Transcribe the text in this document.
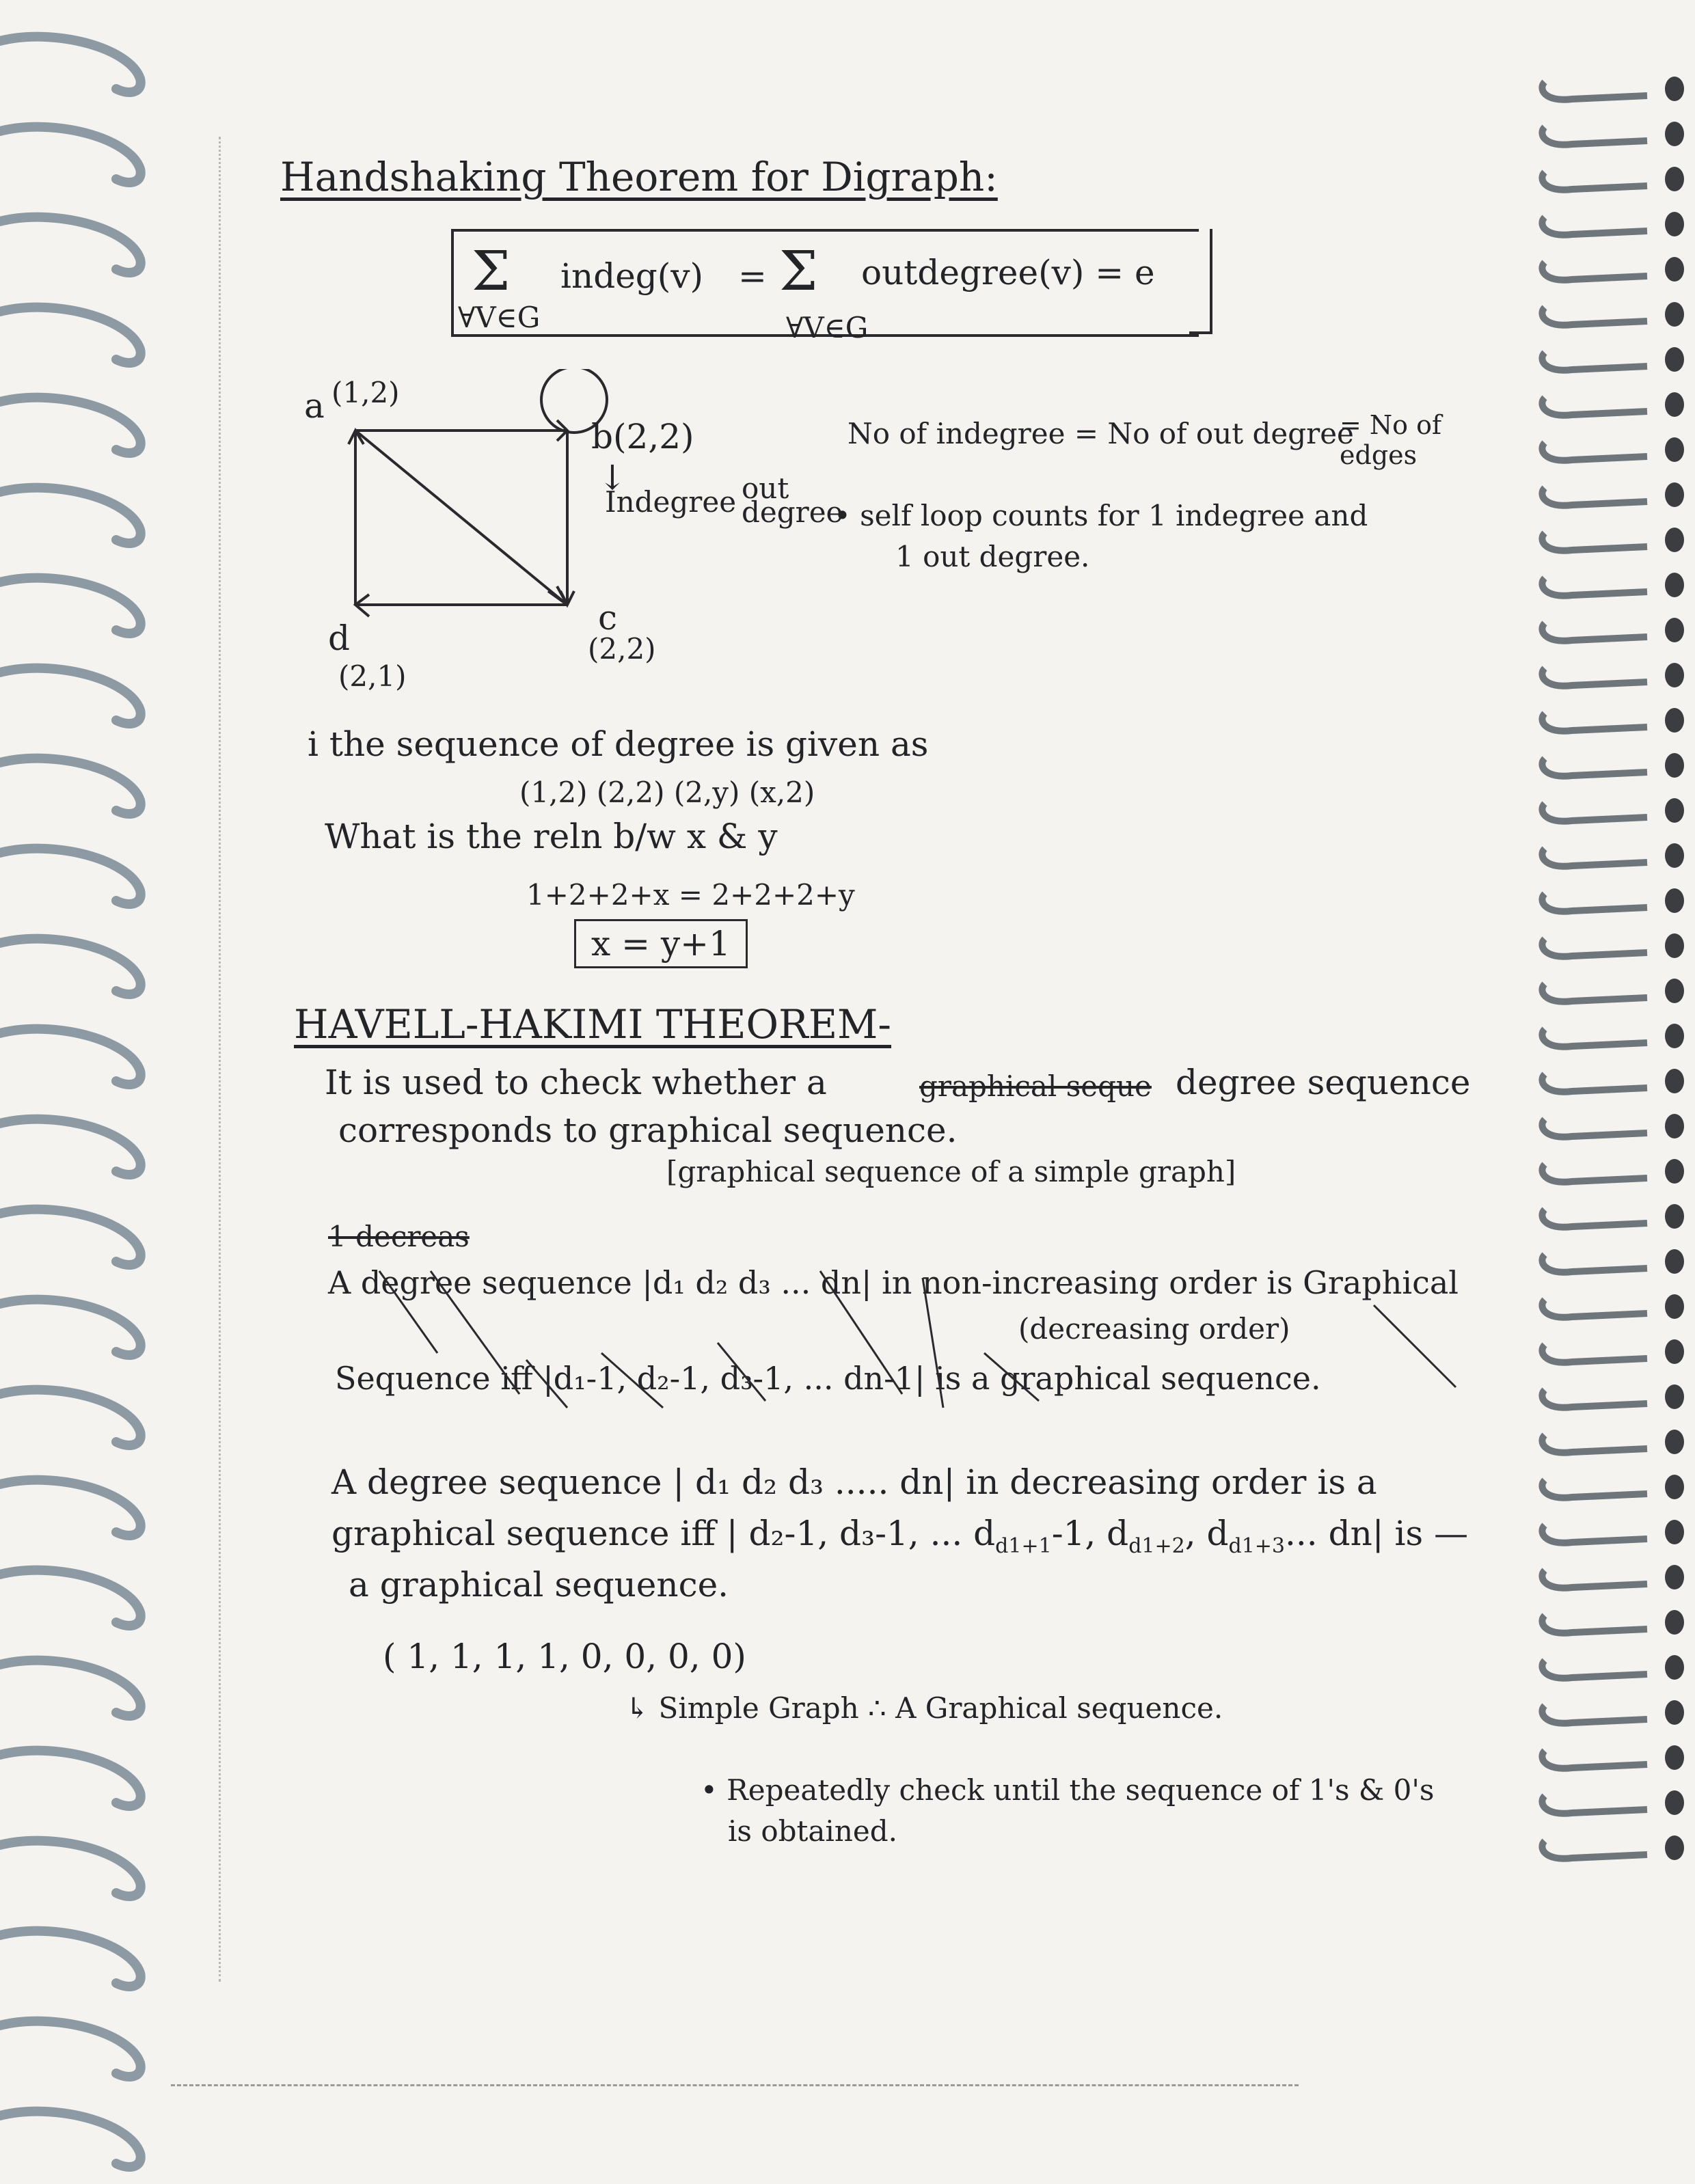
Handshaking Theorem for Digraph:
Σ indeg(v) = Σ outdegree(v) = e
∀V∈G	∀V∈G
a (1,2)
b(2,2)
↓
Indegree out
degree
c
(2,2)
d
(2,1)
No of indegree = No of out degree
= No of edges
• self loop counts for 1 indegree and
1 out degree.
i the sequence of degree is given as
(1,2) (2,2) (2,y) (x,2)
What is the reln b/w x & y
1+2+2+x = 2+2+2+y
x = y+1
HAVELL-HAKIMI THEOREM-
It is used to check whether a	graphical seque degree sequence
corresponds to graphical sequence.
[graphical sequence of a simple graph]
1 decreas
A degree sequence |d₁ d₂ d₃ ... dn| in non-increasing order is Graphical
(decreasing order)
Sequence iff |d₁-1, d₂-1, d₃-1, ... dn-1| is a graphical sequence.
A degree sequence | d₁ d₂ d₃ ..... dn| in decreasing order is a
graphical sequence iff | d₂-1, d₃-1, ... $d_{d1+1}-1$, $d_{d1+2}$, $d_{d1+3}$... dn| is —
a graphical sequence.
( 1, 1, 1, 1, 0, 0, 0, 0)
↳ Simple Graph ∴ A Graphical sequence.
• Repeatedly check until the sequence of 1's & 0's
is obtained.
